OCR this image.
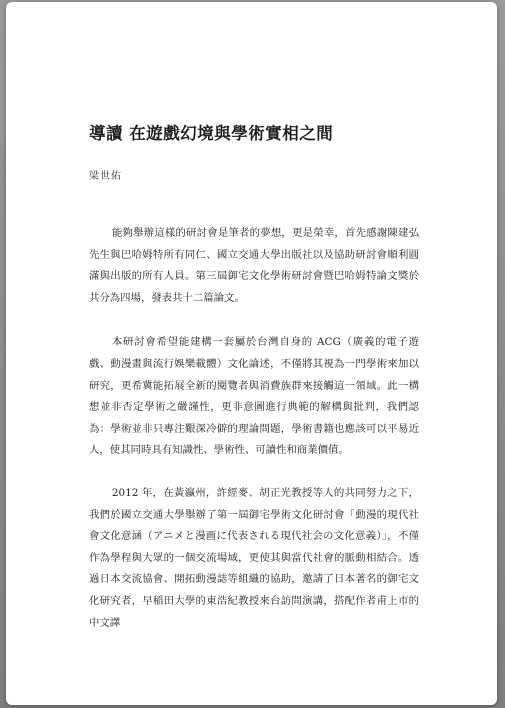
導讀 在遊戲幻境與學術實相之間
梁世佑

能夠舉辦這樣的研討會是筆者的夢想，更是榮幸，首先感謝陳建弘先生與巴哈姆特所有同仁、國立交通大學出版社以及協助研討會順利圓滿與出版的所有人員。第三屆御宅文化學術研討會暨巴哈姆特論文獎於共分為四場，發表共十二篇論文。

本研討會希望能建構一套屬於台灣自身的 ACG（廣義的電子遊戲、動漫畫與流行娛樂載體）文化論述，不僅將其視為一門學術來加以研究，更希冀能拓展全新的閱覽者與消費族群來接觸這一領域。此一構想並非否定學術之嚴謹性，更非意圖進行典範的解構與批判，我們認為：學術並非只專注艱深冷僻的理論問題，學術書籍也應該可以平易近人，使其同時具有知識性、學術性、可讀性和商業價值。

2012 年，在黃瀛州，許經麥、胡正光教授等人的共同努力之下，我們於國立交通大學舉辦了第一屆御宅學術文化研討會「動漫的現代社會文化意涵（アニメと漫画に代表される現代社会の文化意義）」，不僅作為學程與大眾的一個交流場域，更使其與當代社會的脈動相結合。透過日本交流協會、開拓動漫誌等組織的協助，邀請了日本著名的御宅文化研究者，早稲田大學的東浩紀教授來台訪問演講，搭配作者甫上市的中文譯
